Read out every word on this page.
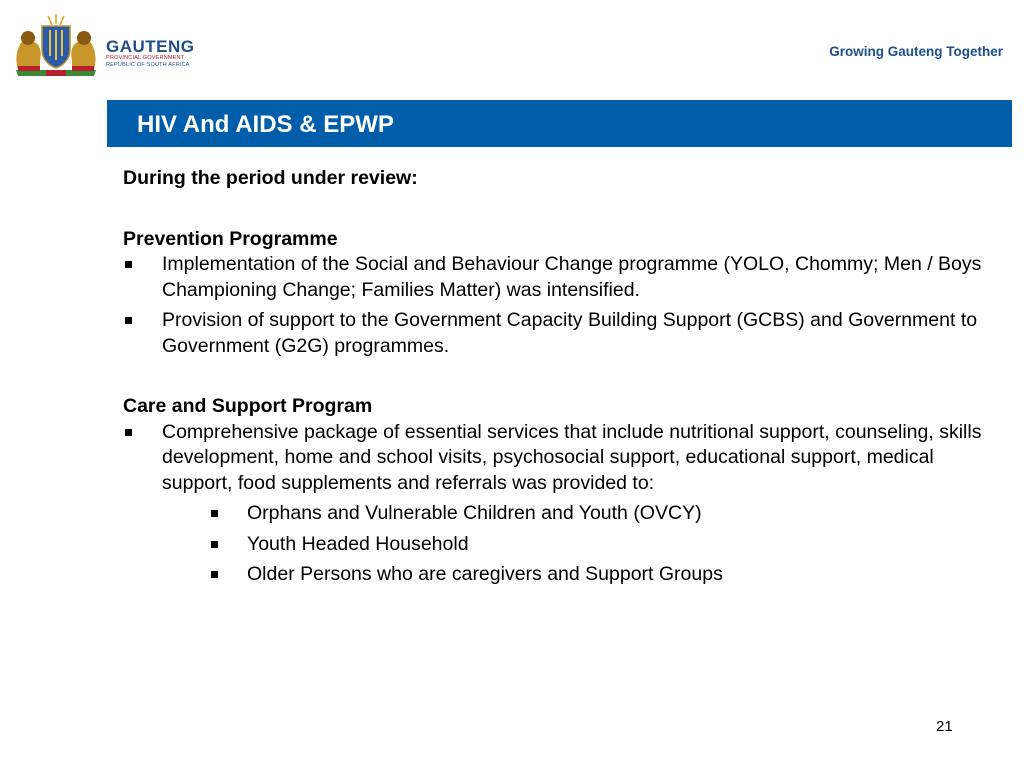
GAUTENG
PROVINCIAL GOVERNMENT
REPUBLIC OF SOUTH AFRICA
Growing Gauteng Together
HIV And AIDS & EPWP
During the period under review:
Prevention Programme
Implementation of the Social and Behaviour Change programme (YOLO, Chommy; Men / Boys Championing Change; Families Matter) was intensified.
Provision of support to the Government Capacity Building Support (GCBS) and Government to Government (G2G) programmes.
Care and Support Program
Comprehensive package of essential services that include nutritional support, counseling, skills development, home and school visits, psychosocial support, educational support, medical support, food supplements and referrals was provided to:
Orphans and Vulnerable Children and Youth (OVCY)
Youth Headed Household
Older Persons who are caregivers and Support Groups
21
